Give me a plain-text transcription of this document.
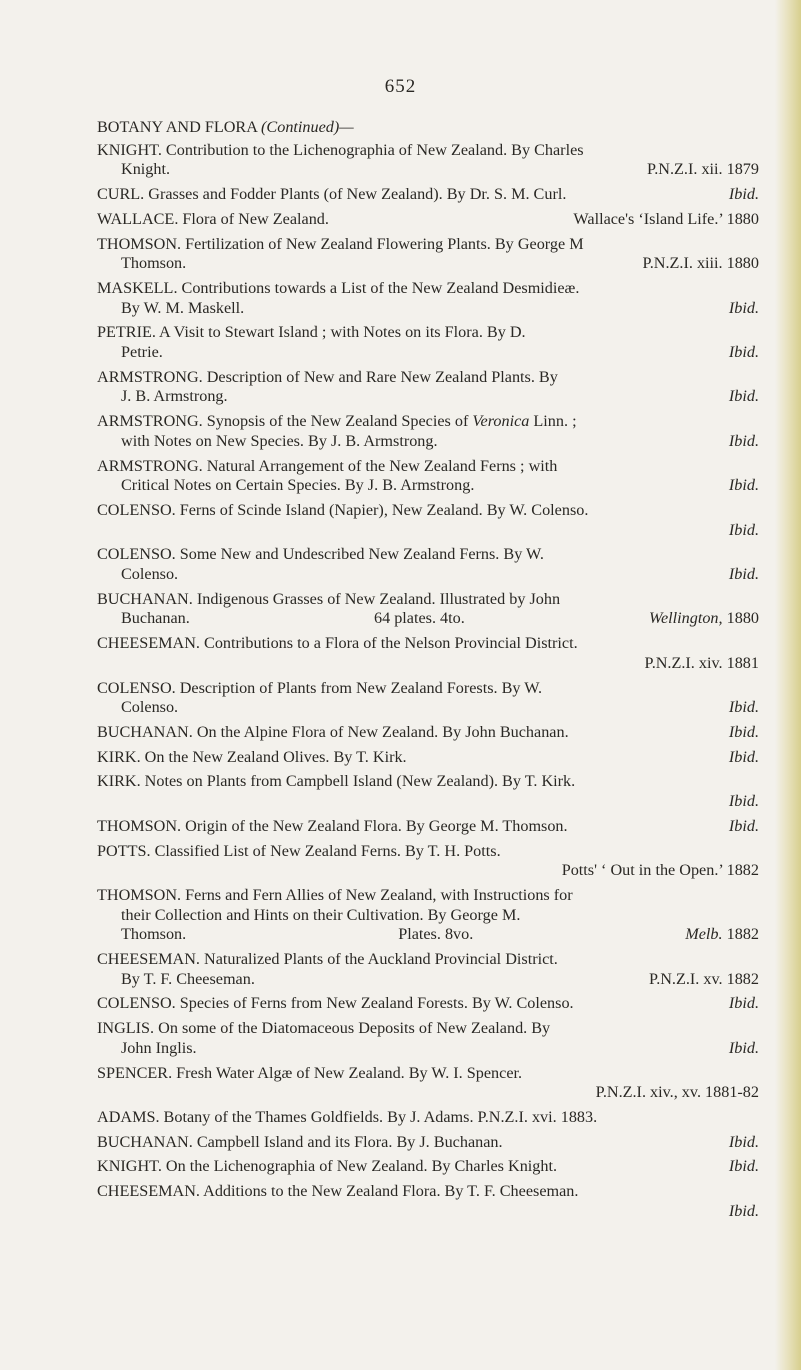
652
BOTANY AND FLORA (Continued)—
KNIGHT. Contribution to the Lichenographia of New Zealand. By Charles
Knight.	P.N.Z.I. xii. 1879
CURL. Grasses and Fodder Plants (of New Zealand). By Dr. S. M. Curl.	Ibid.
WALLACE. Flora of New Zealand.	Wallace's ‘Island Life.’ 1880
THOMSON. Fertilization of New Zealand Flowering Plants. By George M
Thomson.	P.N.Z.I. xiii. 1880
MASKELL. Contributions towards a List of the New Zealand Desmidieæ.
By W. M. Maskell.	Ibid.
PETRIE. A Visit to Stewart Island ; with Notes on its Flora. By D.
Petrie.	Ibid.
ARMSTRONG. Description of New and Rare New Zealand Plants. By
J. B. Armstrong.	Ibid.
ARMSTRONG. Synopsis of the New Zealand Species of Veronica Linn. ;
with Notes on New Species. By J. B. Armstrong.	Ibid.
ARMSTRONG. Natural Arrangement of the New Zealand Ferns ; with
Critical Notes on Certain Species. By J. B. Armstrong.	Ibid.
COLENSO. Ferns of Scinde Island (Napier), New Zealand. By W. Colenso.
Ibid.
COLENSO. Some New and Undescribed New Zealand Ferns. By W.
Colenso.	Ibid.
BUCHANAN. Indigenous Grasses of New Zealand. Illustrated by John
Buchanan.	64 plates. 4to.	Wellington, 1880
CHEESEMAN. Contributions to a Flora of the Nelson Provincial District.
P.N.Z.I. xiv. 1881
COLENSO. Description of Plants from New Zealand Forests. By W.
Colenso.	Ibid.
BUCHANAN. On the Alpine Flora of New Zealand. By John Buchanan.	Ibid.
KIRK. On the New Zealand Olives. By T. Kirk.	Ibid.
KIRK. Notes on Plants from Campbell Island (New Zealand). By T. Kirk.
Ibid.
THOMSON. Origin of the New Zealand Flora. By George M. Thomson.	Ibid.
POTTS. Classified List of New Zealand Ferns. By T. H. Potts.
Potts' ‘ Out in the Open.’ 1882
THOMSON. Ferns and Fern Allies of New Zealand, with Instructions for
their Collection and Hints on their Cultivation. By George M.
Thomson.	Plates. 8vo.	Melb. 1882
CHEESEMAN. Naturalized Plants of the Auckland Provincial District.
By T. F. Cheeseman.	P.N.Z.I. xv. 1882
COLENSO. Species of Ferns from New Zealand Forests. By W. Colenso.	Ibid.
INGLIS. On some of the Diatomaceous Deposits of New Zealand. By
John Inglis.	Ibid.
SPENCER. Fresh Water Algæ of New Zealand. By W. I. Spencer.
P.N.Z.I. xiv., xv. 1881-82
ADAMS. Botany of the Thames Goldfields. By J. Adams. P.N.Z.I. xvi. 1883.
BUCHANAN. Campbell Island and its Flora. By J. Buchanan.	Ibid.
KNIGHT. On the Lichenographia of New Zealand. By Charles Knight.	Ibid.
CHEESEMAN. Additions to the New Zealand Flora. By T. F. Cheeseman.
Ibid.
